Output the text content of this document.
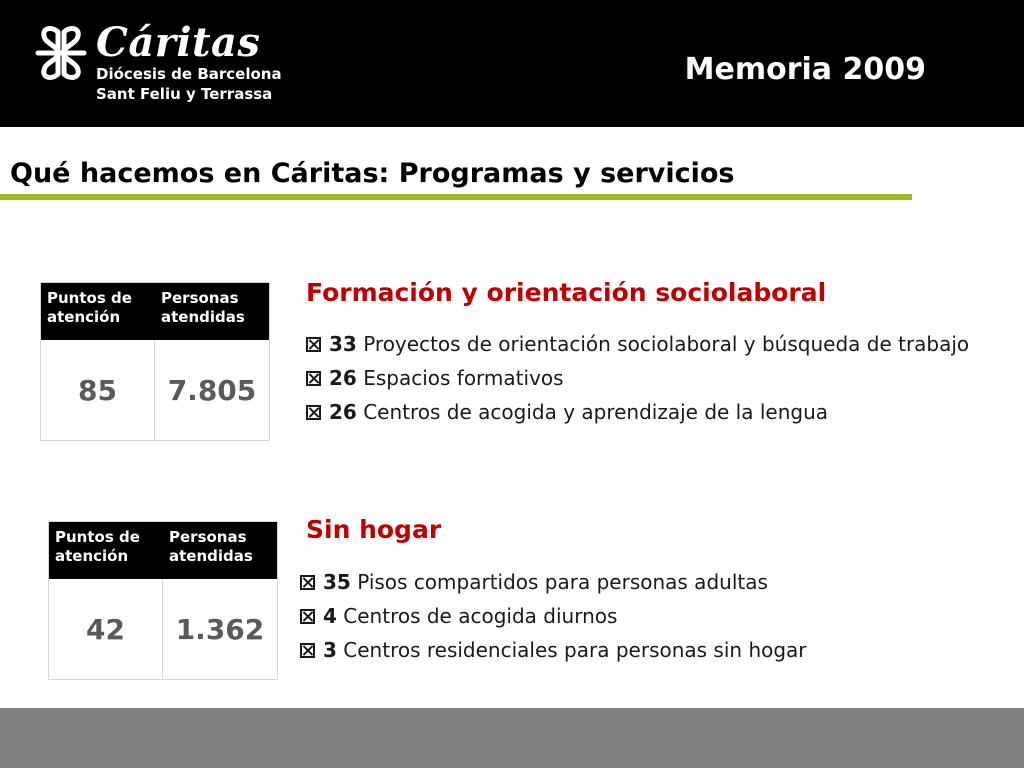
Cáritas
Diócesis de Barcelona
Sant Feliu y Terrassa
Memoria 2009
Qué hacemos en Cáritas: Programas y servicios
Puntos de atención
Personas atendidas
85	7.805
Formación y orientación sociolaboral
33 Proyectos de orientación sociolaboral y búsqueda de trabajo
26 Espacios formativos
26 Centros de acogida y aprendizaje de la lengua
Puntos de atención
Personas atendidas
42	1.362
Sin hogar
35 Pisos compartidos para personas adultas
4 Centros de acogida diurnos
3 Centros residenciales para personas sin hogar
